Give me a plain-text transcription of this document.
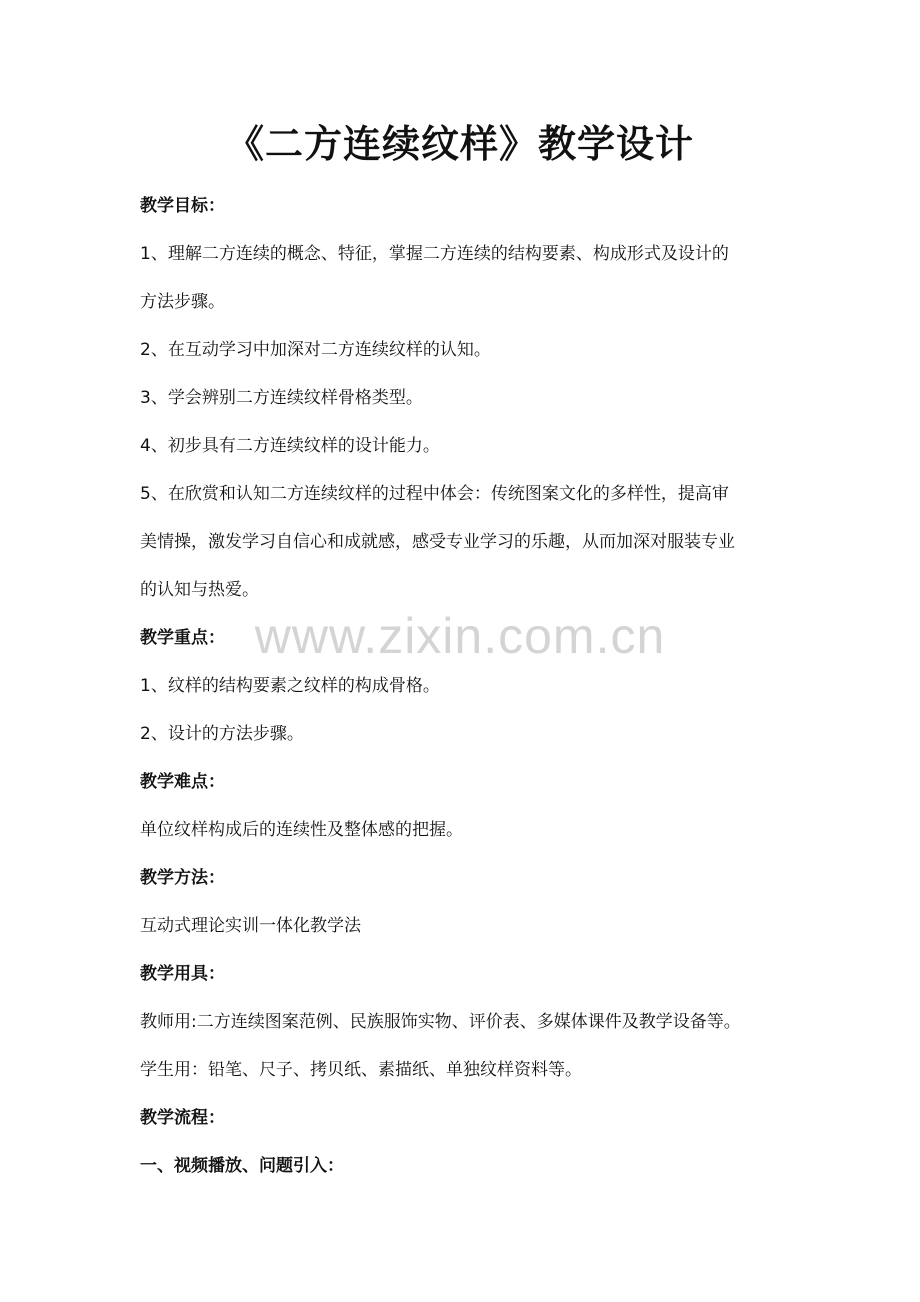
www.zixin.com.cn
《二方连续纹样》教学设计
教学目标：
1、理解二方连续的概念、特征，掌握二方连续的结构要素、构成形式及设计的
方法步骤。
2、在互动学习中加深对二方连续纹样的认知。
3、学会辨别二方连续纹样骨格类型。
4、初步具有二方连续纹样的设计能力。
5、在欣赏和认知二方连续纹样的过程中体会：传统图案文化的多样性，提高审
美情操，激发学习自信心和成就感，感受专业学习的乐趣，从而加深对服装专业
的认知与热爱。
教学重点：
1、纹样的结构要素之纹样的构成骨格。
2、设计的方法步骤。
教学难点：
单位纹样构成后的连续性及整体感的把握。
教学方法：
互动式理论实训一体化教学法
教学用具：
教师用:二方连续图案范例、民族服饰实物、评价表、多媒体课件及教学设备等。
学生用：铅笔、尺子、拷贝纸、素描纸、单独纹样资料等。
教学流程：
一、视频播放、问题引入：
